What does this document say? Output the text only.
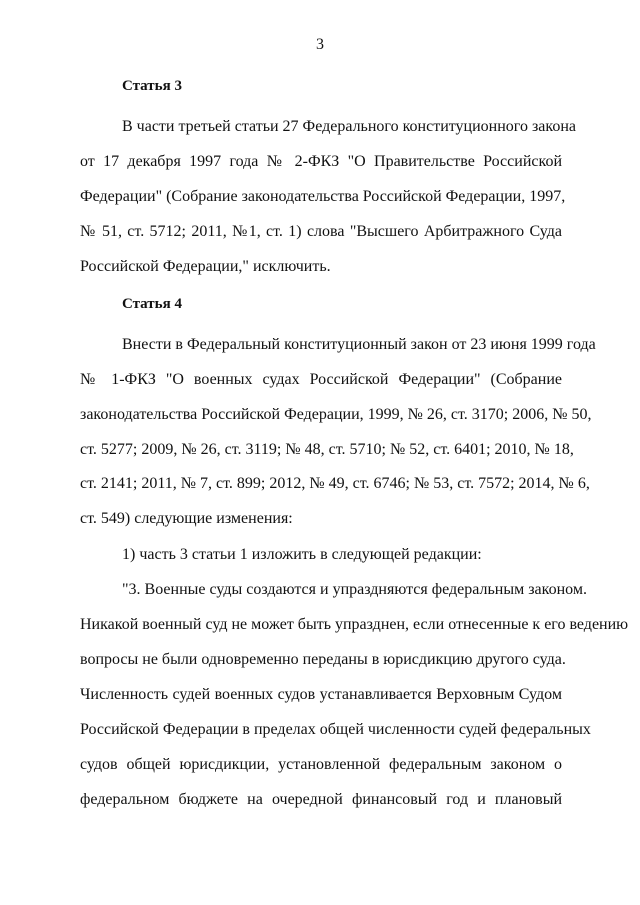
3
Статья 3
В части третьей статьи 27 Федерального конституционного закона
от 17 декабря 1997 года № 2-ФКЗ "О Правительстве Российской
Федерации" (Собрание законодательства Российской Федерации, 1997,
№ 51, ст. 5712; 2011, №1, ст. 1) слова "Высшего Арбитражного Суда
Российской Федерации," исключить.
Статья 4
Внести в Федеральный конституционный закон от 23 июня 1999 года
№ 1-ФКЗ "О военных судах Российской Федерации" (Собрание
законодательства Российской Федерации, 1999, № 26, ст. 3170; 2006, № 50,
ст. 5277; 2009, № 26, ст. 3119; № 48, ст. 5710; № 52, ст. 6401; 2010, № 18,
ст. 2141; 2011, № 7, ст. 899; 2012, № 49, ст. 6746; № 53, ст. 7572; 2014, № 6,
ст. 549) следующие изменения:
1) часть 3 статьи 1 изложить в следующей редакции:
"3. Военные суды создаются и упраздняются федеральным законом.
Никакой военный суд не может быть упразднен, если отнесенные к его ведению
вопросы не были одновременно переданы в юрисдикцию другого суда.
Численность судей военных судов устанавливается Верховным Судом
Российской Федерации в пределах общей численности судей федеральных
судов общей юрисдикции, установленной федеральным законом о
федеральном бюджете на очередной финансовый год и плановый
